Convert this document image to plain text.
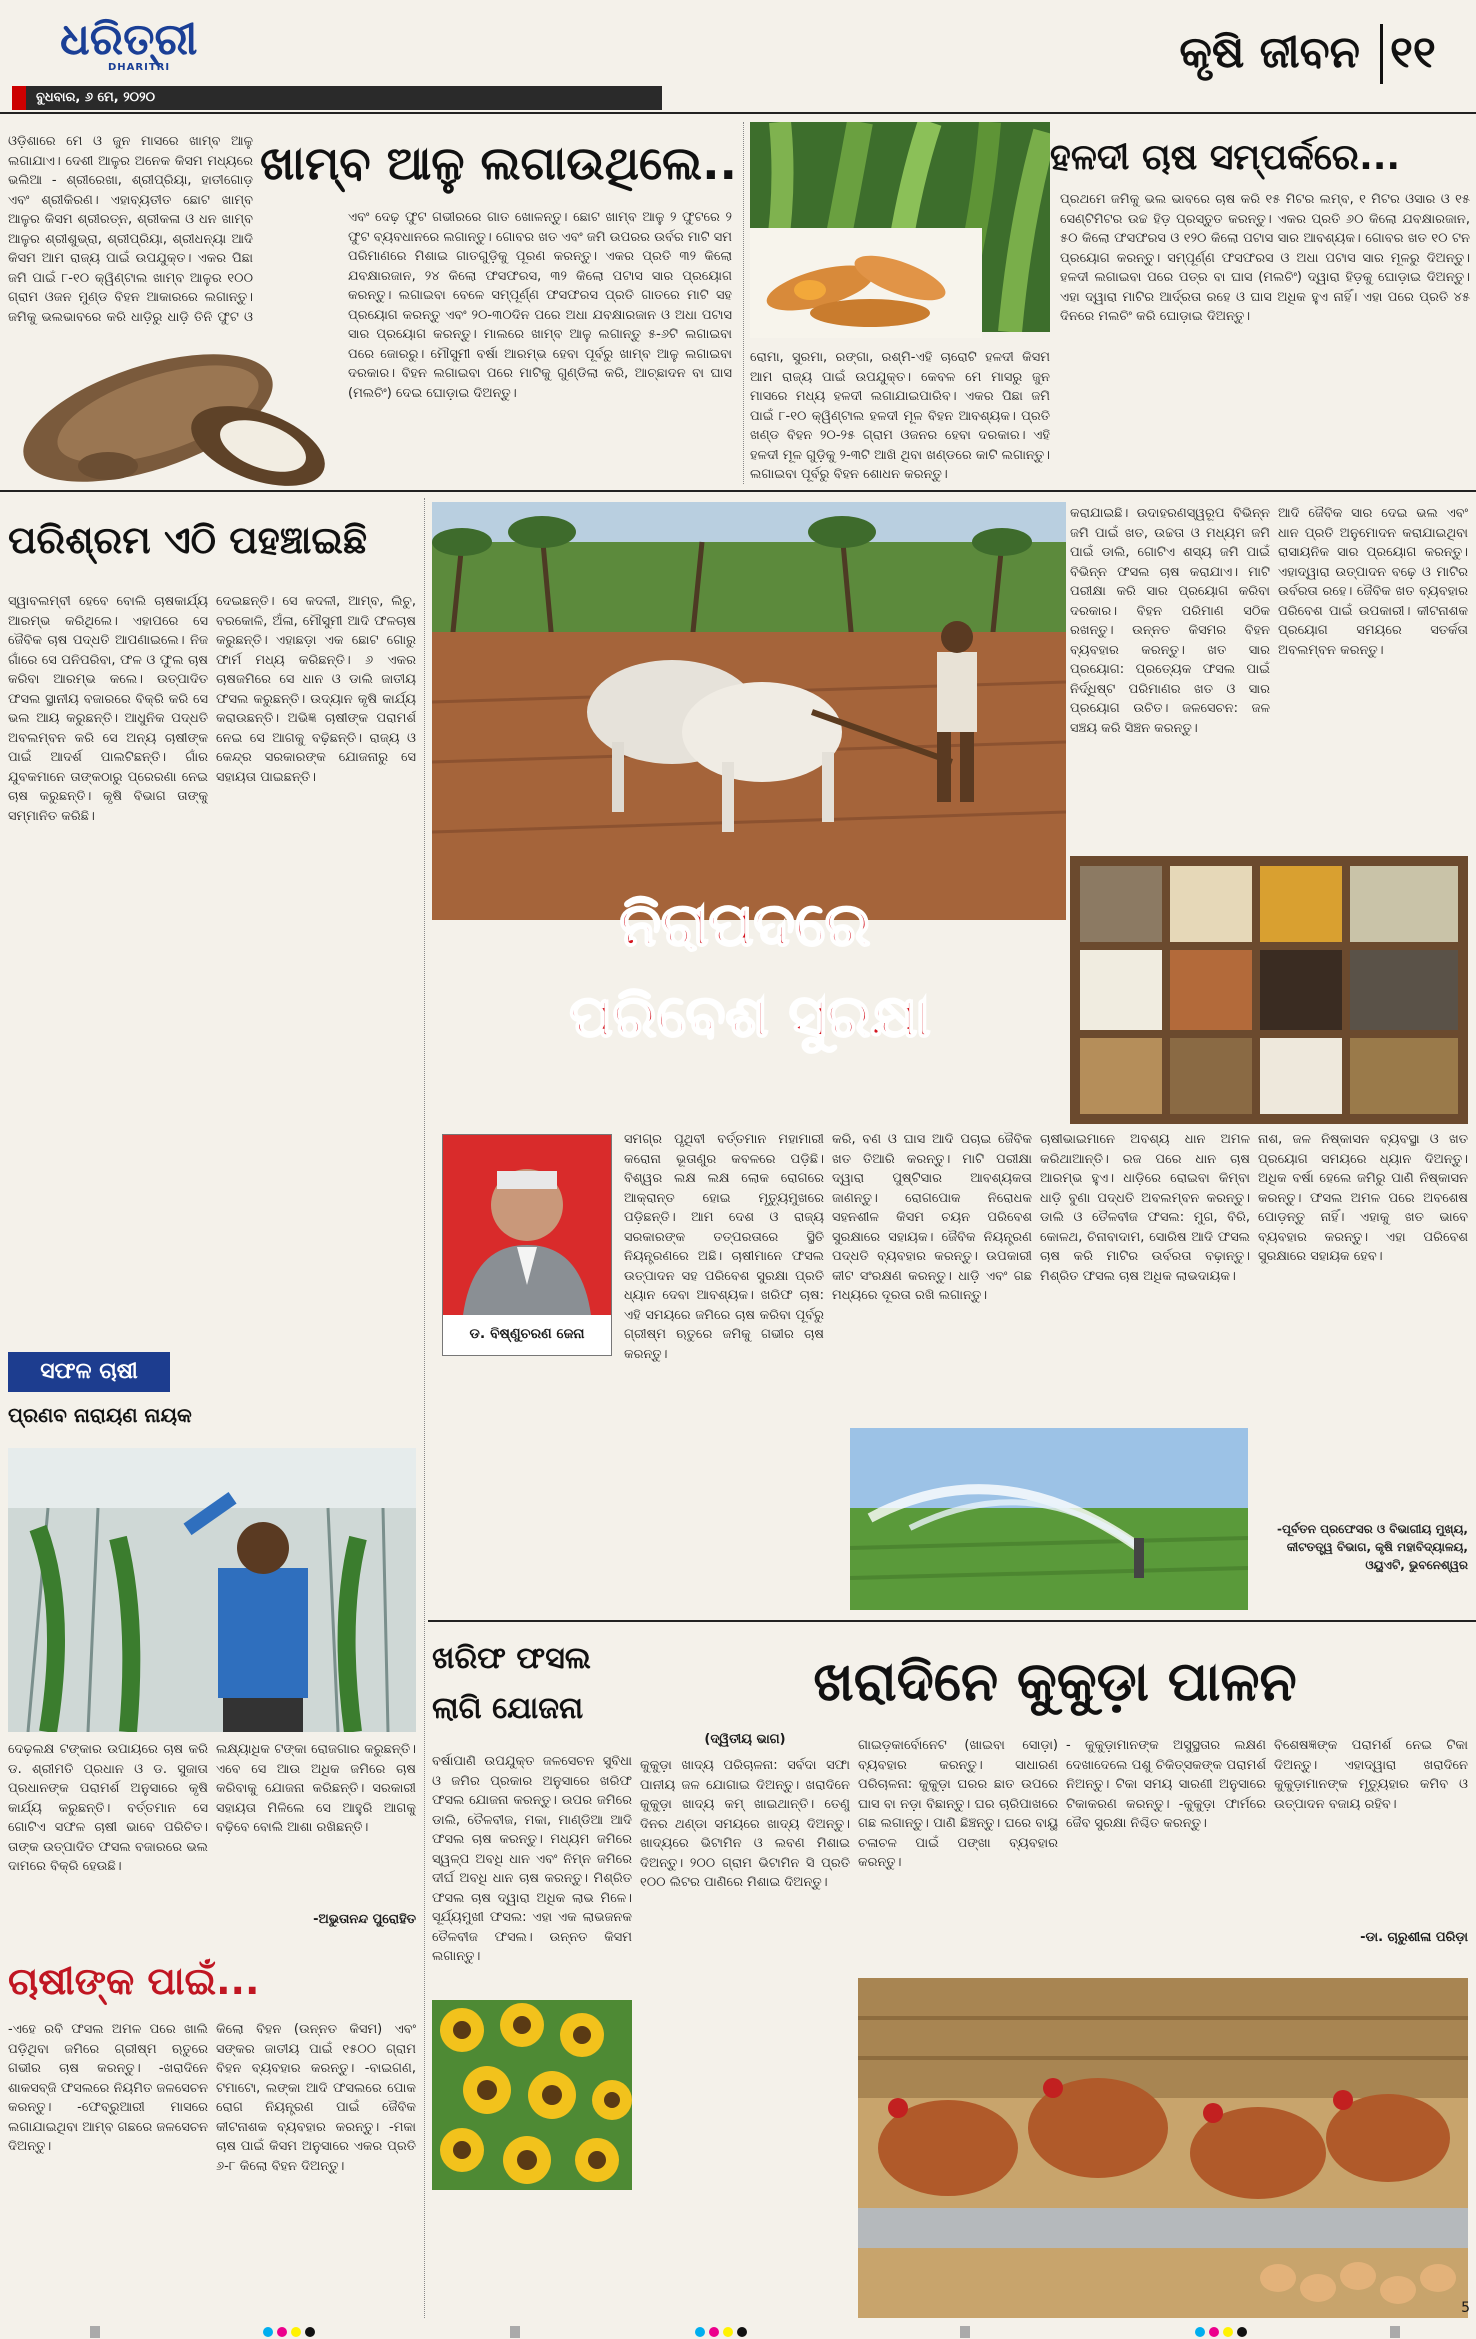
ଧରିତ୍ରୀ
DHARITRI
ବୁଧବାର, ୬ ମେ, ୨୦୨୦
କୃଷି ଜୀବନ ୧୧
ଖାମ୍ବ ଆଳୁ ଲଗାଉଥିଲେ..
ଓଡ଼ିଶାରେ ମେ ଓ ଜୁନ ମାସରେ ଖାମ୍ବ ଆଳୁ ଲଗାଯାଏ। ଦେଶୀ ଆଳୁର ଅନେକ କିସମ ମଧ୍ୟରେ ଭଲିଆ - ଶ୍ରୀରେଖା, ଶ୍ରୀପ୍ରିୟା, ହାତୀଗୋଡ଼ ଏବଂ ଶ୍ରୀକିରଣ। ଏହାବ୍ୟତୀତ ଛୋଟ ଖାମ୍ବ ଆଳୁର କିସମ ଶ୍ରୀରତ୍ନ, ଶ୍ରୀକଳା ଓ ଧନ ଖାମ୍ବ ଆଳୁର ଶ୍ରୀଶୁଭ୍ରା, ଶ୍ରୀପ୍ରିୟା, ଶ୍ରୀଧନ୍ୟା ଆଦି କିସମ ଆମ ରାଜ୍ୟ ପାଇଁ ଉପଯୁକ୍ତ। ଏକର ପିଛା ଜମି ପାଇଁ ୮-୧୦ କ୍ୱିଣ୍ଟାଲ ଖାମ୍ବ ଆଳୁର ୧୦୦ ଗ୍ରାମ ଓଜନ ମୁଣ୍ଡ ବିହନ ଆକାରରେ ଲଗାନ୍ତୁ। ଜମିକୁ ଭଲଭାବରେ କରି ଧାଡ଼ିରୁ ଧାଡ଼ି ତିନି ଫୁଟ ଓ
ଏବଂ ଦେଢ଼ ଫୁଟ ଗଭୀରରେ ଗାତ ଖୋଳନ୍ତୁ। ଛୋଟ ଖାମ୍ବ ଆଳୁ ୨ ଫୁଟରେ ୨ ଫୁଟ ବ୍ୟବଧାନରେ ଲଗାନ୍ତୁ। ଗୋବର ଖତ ଏବଂ ଜମି ଉପରର ଉର୍ବର ମାଟି ସମ ପରିମାଣରେ ମିଶାଇ ଗାତଗୁଡ଼ିକୁ ପୂରଣ କରନ୍ତୁ। ଏକର ପ୍ରତି ୩୨ କିଲୋ ଯବକ୍ଷାରଜାନ, ୨୪ କିଲୋ ଫସଫରସ, ୩୨ କିଲୋ ପଟାସ ସାର ପ୍ରୟୋଗ କରନ୍ତୁ। ଲଗାଇବା ବେଳେ ସମ୍ପୂର୍ଣ୍ଣ ଫସଫରସ ପ୍ରତି ଗାତରେ ମାଟି ସହ ପ୍ରୟୋଗ କରନ୍ତୁ ଏବଂ ୨୦-୩୦ଦିନ ପରେ ଅଧା ଯବକ୍ଷାରଜାନ ଓ ଅଧା ପଟାସ ସାର ପ୍ରୟୋଗ କରନ୍ତୁ। ମାଲରେ ଖାମ୍ବ ଆଳୁ ଲଗାନ୍ତୁ ୫-୬ଟି ଲଗାଇବା ପରେ ଜୋରରୁ। ମୌସୁମୀ ବର୍ଷା ଆରମ୍ଭ ହେବା ପୂର୍ବରୁ ଖାମ୍ବ ଆଳୁ ଲଗାଇବା ଦରକାର। ବିହନ ଲଗାଇବା ପରେ ମାଟିକୁ ଗୁଣ୍ଡିଲା କରି, ଆଚ୍ଛାଦନ ବା ଘାସ (ମଲଚିଂ) ଦେଇ ଘୋଡ଼ାଇ ଦିଅନ୍ତୁ।
ହଳଦୀ ଚାଷ ସମ୍ପର୍କରେ...
ରୋମା, ସୁରମା, ରଙ୍ଗା, ରଶ୍ମି-ଏହି ଚାରୋଟି ହଳଦୀ କିସମ ଆମ ରାଜ୍ୟ ପାଇଁ ଉପଯୁକ୍ତ। କେବଳ ମେ ମାସରୁ ଜୁନ ମାସରେ ମଧ୍ୟ ହଳଦୀ ଲଗାଯାଇପାରିବ। ଏକର ପିଛା ଜମି ପାଇଁ ୮-୧୦ କ୍ୱିଣ୍ଟାଲ ହଳଦୀ ମୂଳ ବିହନ ଆବଶ୍ୟକ। ପ୍ରତି ଖଣ୍ଡ ବିହନ ୨୦-୨୫ ଗ୍ରାମ ଓଜନର ହେବା ଦରକାର। ଏହି ହଳଦୀ ମୂଳ ଗୁଡ଼ିକୁ ୨-୩ଟି ଆଖି ଥିବା ଖଣ୍ଡରେ କାଟି ଲଗାନ୍ତୁ। ଲଗାଇବା ପୂର୍ବରୁ ବିହନ ଶୋଧନ କରନ୍ତୁ।
ପ୍ରଥମେ ଜମିକୁ ଭଲ ଭାବରେ ଚାଷ କରି ୧୫ ମିଟର ଲମ୍ବ, ୧ ମିଟର ଓସାର ଓ ୧୫ ସେଣ୍ଟିମିଟର ଉଚ୍ଚ ହିଡ଼ ପ୍ରସ୍ତୁତ କରନ୍ତୁ। ଏକର ପ୍ରତି ୬୦ କିଲୋ ଯବକ୍ଷାରଜାନ, ୫୦ କିଲୋ ଫସଫରସ ଓ ୧୨୦ କିଲୋ ପଟାସ ସାର ଆବଶ୍ୟକ। ଗୋବର ଖତ ୧୦ ଟନ ପ୍ରୟୋଗ କରନ୍ତୁ। ସମ୍ପୂର୍ଣ୍ଣ ଫସଫରସ ଓ ଅଧା ପଟାସ ସାର ମୂଳରୁ ଦିଅନ୍ତୁ। ହଳଦୀ ଲଗାଇବା ପରେ ପତ୍ର ବା ଘାସ (ମଲଚିଂ) ଦ୍ୱାରା ହିଡ଼କୁ ଘୋଡ଼ାଇ ଦିଅନ୍ତୁ। ଏହା ଦ୍ୱାରା ମାଟିର ଆର୍ଦ୍ରତା ରହେ ଓ ଘାସ ଅଧିକ ହୁଏ ନାହିଁ। ଏହା ପରେ ପ୍ରତି ୪୫ ଦିନରେ ମଲଚିଂ କରି ଘୋଡ଼ାଇ ଦିଅନ୍ତୁ।
ପରିଶ୍ରମ ଏଠି ପହଞ୍ଚାଇଛି
ସ୍ୱାବଲମ୍ବୀ ହେବେ ବୋଲି ଚାଷକାର୍ଯ୍ୟ ଆରମ୍ଭ କରିଥିଲେ। ଏହାପରେ ସେ ଜୈବିକ ଚାଷ ପଦ୍ଧତି ଆପଣାଇଲେ। ନିଜ ଗାଁରେ ସେ ପନିପରିବା, ଫଳ ଓ ଫୁଲ ଚାଷ କରିବା ଆରମ୍ଭ କଲେ। ଉତ୍ପାଦିତ ଫସଲ ସ୍ଥାନୀୟ ବଜାରରେ ବିକ୍ରି କରି ସେ ଭଲ ଆୟ କରୁଛନ୍ତି। ଆଧୁନିକ ପଦ୍ଧତି ଅବଲମ୍ବନ କରି ସେ ଅନ୍ୟ ଚାଷୀଙ୍କ ପାଇଁ ଆଦର୍ଶ ପାଲଟିଛନ୍ତି। ଗାଁର ଯୁବକମାନେ ତାଙ୍କଠାରୁ ପ୍ରେରଣା ନେଇ ଚାଷ କରୁଛନ୍ତି। କୃଷି ବିଭାଗ ତାଙ୍କୁ ସମ୍ମାନିତ କରିଛି।
ଦେଇଛନ୍ତି। ସେ କଦଳୀ, ଆମ୍ବ, ଲିଚୁ, ବରକୋଳି, ଅଁଳା, ମୌସୁମୀ ଆଦି ଫଳଚାଷ କରୁଛନ୍ତି। ଏହାଛଡ଼ା ଏକ ଛୋଟ ଗୋରୁ ଫାର୍ମ ମଧ୍ୟ କରିଛନ୍ତି। ୬ ଏକର ଚାଷଜମିରେ ସେ ଧାନ ଓ ଡାଲି ଜାତୀୟ ଫସଲ କରୁଛନ୍ତି। ଉଦ୍ୟାନ କୃଷି କାର୍ଯ୍ୟ କରାଉଛନ୍ତି। ଅଭିଜ୍ଞ ଚାଷୀଙ୍କ ପରାମର୍ଶ ନେଇ ସେ ଆଗକୁ ବଢ଼ିଛନ୍ତି। ରାଜ୍ୟ ଓ କେନ୍ଦ୍ର ସରକାରଙ୍କ ଯୋଜନାରୁ ସେ ସହାୟତା ପାଇଛନ୍ତି।
ସଫଳ ଚାଷୀ
ପ୍ରଣବ ନାରାୟଣ ନାୟକ
ଦେଢ଼ଲକ୍ଷ ଟଙ୍କାର ଉପାୟରେ ଚାଷ କରି ଡ. ଶ୍ରୀମତି ପ୍ରଧାନ ଓ ଡ. ସୁଜାତା ପ୍ରଧାନଙ୍କ ପରାମର୍ଶ ଅନୁସାରେ କୃଷି କାର୍ଯ୍ୟ କରୁଛନ୍ତି। ବର୍ତ୍ତମାନ ସେ ଗୋଟିଏ ସଫଳ ଚାଷୀ ଭାବେ ପରିଚିତ। ତାଙ୍କ ଉତ୍ପାଦିତ ଫସଲ ବଜାରରେ ଭଲ ଦାମରେ ବିକ୍ରି ହେଉଛି।
ଲକ୍ଷ୍ୟାଧିକ ଟଙ୍କା ରୋଜଗାର କରୁଛନ୍ତି। ଏବେ ସେ ଆଉ ଅଧିକ ଜମିରେ ଚାଷ କରିବାକୁ ଯୋଜନା କରିଛନ୍ତି। ସରକାରୀ ସହାୟତା ମିଳିଲେ ସେ ଆହୁରି ଆଗକୁ ବଢ଼ିବେ ବୋଲି ଆଶା ରଖିଛନ୍ତି।
-ଅଭୁତାନନ୍ଦ ପୁରୋହିତ
ଚାଷୀଙ୍କ ପାଇଁ...
-ଏହେ ରବି ଫସଲ ଅମଳ ପରେ ଖାଲି ପଡ଼ିଥିବା ଜମିରେ ଗ୍ରୀଷ୍ମ ଋତୁରେ ଗଭୀର ଚାଷ କରନ୍ତୁ। -ଖରାଦିନେ ଶାକସବ୍ଜି ଫସଲରେ ନିୟମିତ ଜଳସେଚନ କରନ୍ତୁ। -ଫେବ୍ରୁଆରୀ ମାସରେ ଲଗାଯାଇଥିବା ଆମ୍ବ ଗଛରେ ଜଳସେଚନ ଦିଅନ୍ତୁ।
କିଲୋ ବିହନ (ଉନ୍ନତ କିସମ) ଏବଂ ସଙ୍କର ଜାତୀୟ ପାଇଁ ୧୫୦୦ ଗ୍ରାମ ବିହନ ବ୍ୟବହାର କରନ୍ତୁ। -ବାଇଗଣ, ଟମାଟୋ, ଲଙ୍କା ଆଦି ଫସଲରେ ପୋକ ରୋଗ ନିୟନ୍ତ୍ରଣ ପାଇଁ ଜୈବିକ କୀଟନାଶକ ବ୍ୟବହାର କରନ୍ତୁ। -ମକା ଚାଷ ପାଇଁ କିସମ ଅନୁସାରେ ଏକର ପ୍ରତି ୬-୮ କିଲୋ ବିହନ ଦିଅନ୍ତୁ।
ନିରାପଦରେ
ପରିବେଶ ସୁରକ୍ଷା
କରାଯାଇଛି। ଉଦାହରଣସ୍ୱରୂପ ବିଭିନ୍ନ ଜମି ପାଇଁ ଖତ, ଉଚ୍ଚତା ଓ ମଧ୍ୟମ ଜମି ପାଇଁ ଡାଲି, ଗୋଟିଏ ଶସ୍ୟ ଜମି ପାଇଁ ବିଭିନ୍ନ ଫସଲ ଚାଷ କରାଯାଏ। ମାଟି ପରୀକ୍ଷା କରି ସାର ପ୍ରୟୋଗ କରିବା ଦରକାର। ବିହନ ପରିମାଣ ସଠିକ ରଖନ୍ତୁ। ଉନ୍ନତ କିସମର ବିହନ ବ୍ୟବହାର କରନ୍ତୁ। ଖତ ସାର ପ୍ରୟୋଗ: ପ୍ରତ୍ୟେକ ଫସଲ ପାଇଁ ନିର୍ଦ୍ଧିଷ୍ଟ ପରିମାଣର ଖତ ଓ ସାର ପ୍ରୟୋଗ ଉଚିତ। ଜଳସେଚନ: ଜଳ ସଞ୍ଚୟ କରି ସିଞ୍ଚନ କରନ୍ତୁ।
ଆଦି ଜୈବିକ ସାର ଦେଇ ଭଲ ଏବଂ ଧାନ ପ୍ରତି ଅନୁମୋଦନ କରାଯାଇଥିବା ରାସାୟନିକ ସାର ପ୍ରୟୋଗ କରନ୍ତୁ। ଏହାଦ୍ୱାରା ଉତ୍ପାଦନ ବଢ଼େ ଓ ମାଟିର ଉର୍ବରତା ରହେ। ଜୈବିକ ଖତ ବ୍ୟବହାର ପରିବେଶ ପାଇଁ ଉପକାରୀ। କୀଟନାଶକ ପ୍ରୟୋଗ ସମୟରେ ସତର୍କତା ଅବଲମ୍ବନ କରନ୍ତୁ।
ଡ. ବିଷ୍ଣୁଚରଣ ଜେନା
ସମଗ୍ର ପୃଥିବୀ ବର୍ତ୍ତମାନ ମହାମାରୀ କରୋନା ଭୂତାଣୁର କବଳରେ ପଡ଼ିଛି। ବିଶ୍ୱର ଲକ୍ଷ ଲକ୍ଷ ଲୋକ ରୋଗରେ ଆକ୍ରାନ୍ତ ହୋଇ ମୃତ୍ୟୁମୁଖରେ ପଡ଼ିଛନ୍ତି। ଆମ ଦେଶ ଓ ରାଜ୍ୟ ସରକାରଙ୍କ ତତ୍ପରତାରେ ସ୍ଥିତି ନିୟନ୍ତ୍ରଣରେ ଅଛି। ଚାଷୀମାନେ ଫସଲ ଉତ୍ପାଦନ ସହ ପରିବେଶ ସୁରକ୍ଷା ପ୍ରତି ଧ୍ୟାନ ଦେବା ଆବଶ୍ୟକ। ଖରିଫ ଚାଷ: ଏହି ସମୟରେ ଜମିରେ ଚାଷ କରିବା ପୂର୍ବରୁ ଗ୍ରୀଷ୍ମ ଋତୁରେ ଜମିକୁ ଗଭୀର ଚାଷ କରନ୍ତୁ।
କରି, ବଣ ଓ ଘାସ ଆଦି ପଚାଇ ଜୈବିକ ଖତ ତିଆରି କରନ୍ତୁ। ମାଟି ପରୀକ୍ଷା ଦ୍ୱାରା ପୁଷ୍ଟିସାର ଆବଶ୍ୟକତା ଜାଣନ୍ତୁ। ରୋଗପୋକ ନିରୋଧକ ସହନଶୀଳ କିସମ ଚୟନ ପରିବେଶ ସୁରକ୍ଷାରେ ସହାୟକ। ଜୈବିକ ନିୟନ୍ତ୍ରଣ ପଦ୍ଧତି ବ୍ୟବହାର କରନ୍ତୁ। ଉପକାରୀ କୀଟ ସଂରକ୍ଷଣ କରନ୍ତୁ। ଧାଡ଼ି ଏବଂ ଗଛ ମଧ୍ୟରେ ଦୂରତା ରଖି ଲଗାନ୍ତୁ।
ଚାଷୀଭାଇମାନେ ଅବଶ୍ୟ ଧାନ ଅମଳ କରିଥାଆନ୍ତି। ରଜ ପରେ ଧାନ ଚାଷ ଆରମ୍ଭ ହୁଏ। ଧାଡ଼ିରେ ରୋଇବା କିମ୍ବା ଧାଡ଼ି ବୁଣା ପଦ୍ଧତି ଅବଲମ୍ବନ କରନ୍ତୁ। ଡାଲି ଓ ତୈଳବୀଜ ଫସଲ: ମୁଗ, ବିରି, କୋଳଥ, ଚିନାବାଦାମ, ସୋରିଷ ଆଦି ଫସଲ ଚାଷ କରି ମାଟିର ଉର୍ବରତା ବଢ଼ାନ୍ତୁ। ମିଶ୍ରିତ ଫସଲ ଚାଷ ଅଧିକ ଲାଭଦାୟକ।
ନାଶ, ଜଳ ନିଷ୍କାସନ ବ୍ୟବସ୍ଥା ଓ ଖତ ପ୍ରୟୋଗ ସମୟରେ ଧ୍ୟାନ ଦିଅନ୍ତୁ। ଅଧିକ ବର୍ଷା ହେଲେ ଜମିରୁ ପାଣି ନିଷ୍କାସନ କରନ୍ତୁ। ଫସଲ ଅମଳ ପରେ ଅବଶେଷ ପୋଡ଼ନ୍ତୁ ନାହିଁ। ଏହାକୁ ଖତ ଭାବେ ବ୍ୟବହାର କରନ୍ତୁ। ଏହା ପରିବେଶ ସୁରକ୍ଷାରେ ସହାୟକ ହେବ।
-ପୂର୍ବତନ ପ୍ରଫେସର ଓ ବିଭାଗୀୟ ମୁଖ୍ୟ, କୀଟତତ୍ତ୍ୱ ବିଭାଗ, କୃଷି ମହାବିଦ୍ୟାଳୟ, ଓୟୁଏଟି, ଭୁବନେଶ୍ୱର
ଖରିଫ ଫସଲ ଲାଗି ଯୋଜନା
ବର୍ଷାପାଣି ଉପଯୁକ୍ତ ଜଳସେଚନ ସୁବିଧା ଓ ଜମିର ପ୍ରକାର ଅନୁସାରେ ଖରିଫ ଫସଲ ଯୋଜନା କରନ୍ତୁ। ଉପର ଜମିରେ ଡାଲି, ତୈଳବୀଜ, ମକା, ମାଣ୍ଡିଆ ଆଦି ଫସଲ ଚାଷ କରନ୍ତୁ। ମଧ୍ୟମ ଜମିରେ ସ୍ୱଳ୍ପ ଅବଧି ଧାନ ଏବଂ ନିମ୍ନ ଜମିରେ ଦୀର୍ଘ ଅବଧି ଧାନ ଚାଷ କରନ୍ତୁ। ମିଶ୍ରିତ ଫସଲ ଚାଷ ଦ୍ୱାରା ଅଧିକ ଲାଭ ମିଳେ। ସୂର୍ଯ୍ୟମୁଖୀ ଫସଲ: ଏହା ଏକ ଲାଭଜନକ ତୈଳବୀଜ ଫସଲ। ଉନ୍ନତ କିସମ ଲଗାନ୍ତୁ।
ଖରାଦିନେ କୁକୁଡ଼ା ପାଳନ
(ଦ୍ୱିତୀୟ ଭାଗ)
କୁକୁଡ଼ା ଖାଦ୍ୟ ପରିଚାଳନା: ସର୍ବଦା ସଫା ପାନୀୟ ଜଳ ଯୋଗାଇ ଦିଅନ୍ତୁ। ଖରାଦିନେ କୁକୁଡ଼ା ଖାଦ୍ୟ କମ୍ ଖାଇଥାନ୍ତି। ତେଣୁ ଦିନର ଥଣ୍ଡା ସମୟରେ ଖାଦ୍ୟ ଦିଅନ୍ତୁ। ଖାଦ୍ୟରେ ଭିଟାମିନ ଓ ଲବଣ ମିଶାଇ ଦିଅନ୍ତୁ। ୨୦୦ ଗ୍ରାମ ଭିଟାମିନ ସି ପ୍ରତି ୧୦୦ ଲିଟର ପାଣିରେ ମିଶାଇ ଦିଅନ୍ତୁ।
ଗାଇଡ଼କାର୍ବୋନେଟ (ଖାଇବା ସୋଡ଼ା) ବ୍ୟବହାର କରନ୍ତୁ। ସାଧାରଣ ପରିଚାଳନା: କୁକୁଡ଼ା ଘରର ଛାତ ଉପରେ ଘାସ ବା ନଡ଼ା ବିଛାନ୍ତୁ। ଘର ଚାରିପାଖରେ ଗଛ ଲଗାନ୍ତୁ। ପାଣି ଛିଞ୍ଚନ୍ତୁ। ଘରେ ବାୟୁ ଚଳାଚଳ ପାଇଁ ପଙ୍ଖା ବ୍ୟବହାର କରନ୍ତୁ।
- କୁକୁଡ଼ାମାନଙ୍କ ଅସୁସ୍ଥତାର ଲକ୍ଷଣ ଦେଖାଦେଲେ ପଶୁ ଚିକିତ୍ସକଙ୍କ ପରାମର୍ଶ ନିଅନ୍ତୁ। ଟିକା ସମୟ ସାରଣୀ ଅନୁସାରେ ଟିକାକରଣ କରନ୍ତୁ। -କୁକୁଡ଼ା ଫାର୍ମରେ ଜୈବ ସୁରକ୍ଷା ନିଶ୍ଚିତ କରନ୍ତୁ।
ବିଶେଷଜ୍ଞଙ୍କ ପରାମର୍ଶ ନେଇ ଟିକା ଦିଅନ୍ତୁ। ଏହାଦ୍ୱାରା ଖରାଦିନେ କୁକୁଡ଼ାମାନଙ୍କ ମୃତ୍ୟୁହାର କମିବ ଓ ଉତ୍ପାଦନ ବଜାୟ ରହିବ।
-ଡା. ଚାରୁଶୀଳା ପରିଡ଼ା
5
